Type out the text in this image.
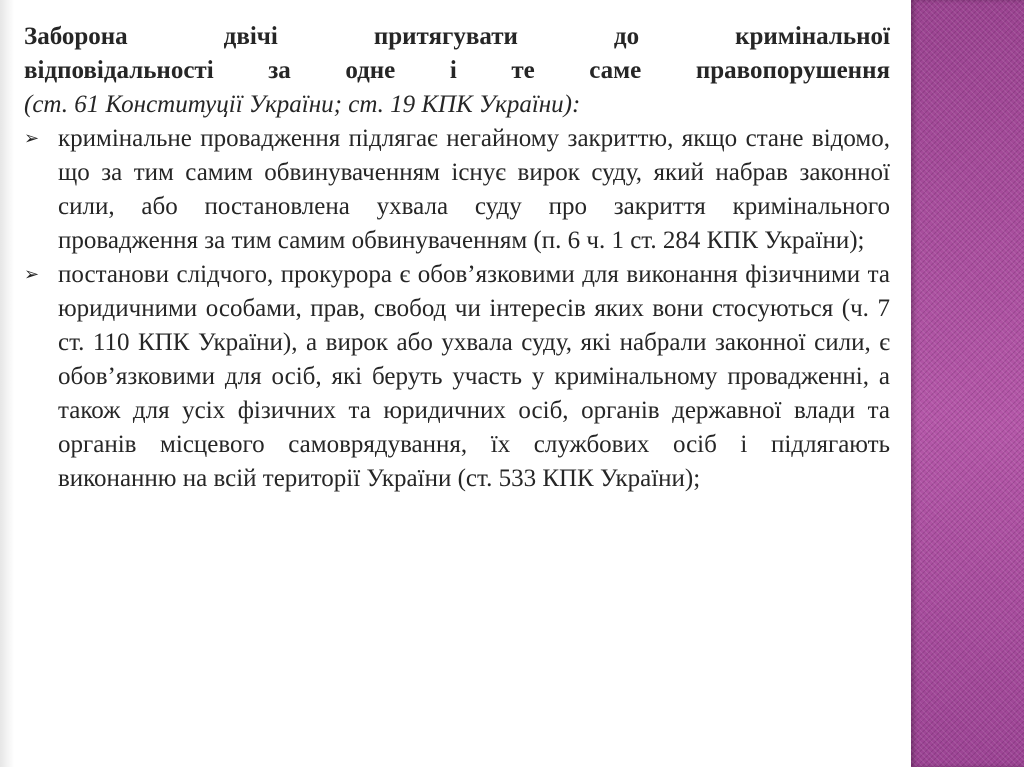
Заборона двічі притягувати до кримінальної
відповідальності за одне і те саме правопорушення

(ст. 61 Конституції України; ст. 19 КПК України):

➢ кримінальне провадження підлягає негайному закриттю, якщо стане відомо, що за тим самим обвинуваченням існує вирок суду, який набрав законної сили, або постановлена ухвала суду про закриття кримінального провадження за тим самим обвинуваченням (п. 6 ч. 1 ст. 284 КПК України);
➢ постанови слідчого, прокурора є обов’язковими для виконання фізичними та юридичними особами, прав, свобод чи інтересів яких вони стосуються (ч. 7 ст. 110 КПК України), а вирок або ухвала суду, які набрали законної сили, є обов’язковими для осіб, які беруть участь у кримінальному провадженні, а також для усіх фізичних та юридичних осіб, органів державної влади та органів місцевого самоврядування, їх службових осіб і підлягають виконанню на всій території України (ст. 533 КПК України);
